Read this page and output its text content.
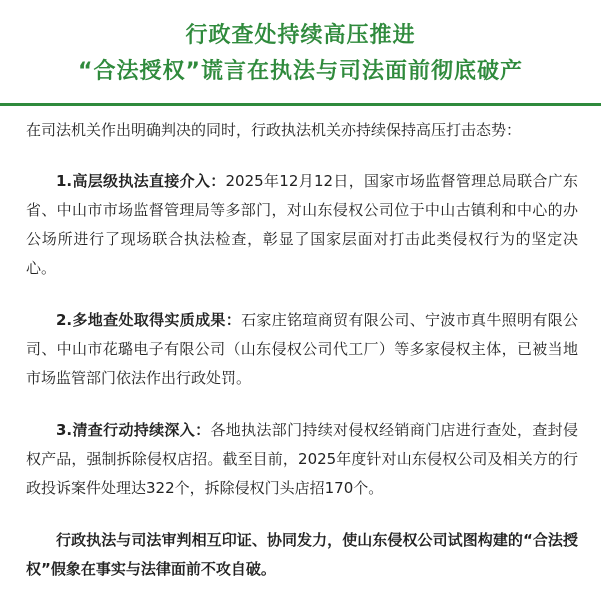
行政查处持续高压推进
“合法授权”谎言在执法与司法面前彻底破产

在司法机关作出明确判决的同时，行政执法机关亦持续保持高压打击态势：

1.高层级执法直接介入：2025年12月12日，国家市场监督管理总局联合广东省、中山市市场监督管理局等多部门，对山东侵权公司位于中山古镇利和中心的办公场所进行了现场联合执法检查，彰显了国家层面对打击此类侵权行为的坚定决心。

2.多地查处取得实质成果：石家庄铭瑄商贸有限公司、宁波市真牛照明有限公司、中山市花璐电子有限公司（山东侵权公司代工厂）等多家侵权主体，已被当地市场监管部门依法作出行政处罚。

3.清查行动持续深入：各地执法部门持续对侵权经销商门店进行查处，查封侵权产品，强制拆除侵权店招。截至目前，2025年度针对山东侵权公司及相关方的行政投诉案件处理达322个，拆除侵权门头店招170个。

行政执法与司法审判相互印证、协同发力，使山东侵权公司试图构建的“合法授权”假象在事实与法律面前不攻自破。
